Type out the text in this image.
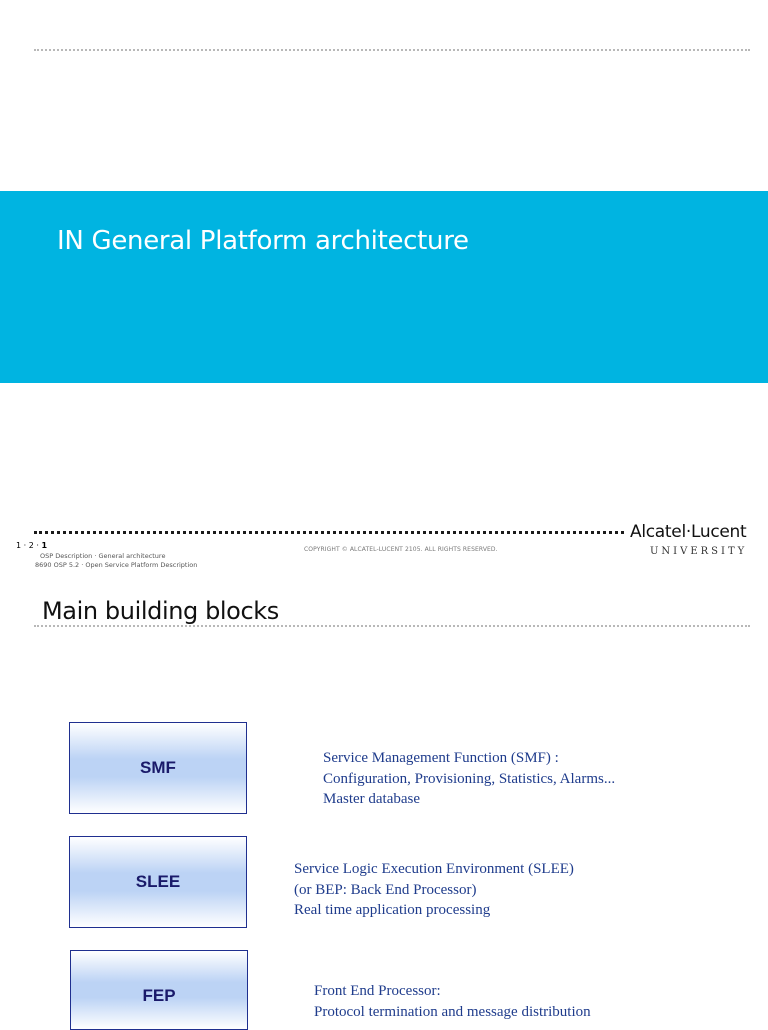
IN General Platform architecture
1 · 2 · 1
OSP Description · General architecture
8690 OSP 5.2 · Open Service Platform Description
COPYRIGHT © ALCATEL-LUCENT 2105. ALL RIGHTS RESERVED.
Alcatel·Lucent
UNIVERSITY
Main building blocks
SMF	Service Management Function (SMF) :
Configuration, Provisioning, Statistics, Alarms...
Master database
SLEE
Service Logic Execution Environment (SLEE)
(or BEP: Back End Processor)
Real time application processing
FEP	Front End Processor:
Protocol termination and message distribution
